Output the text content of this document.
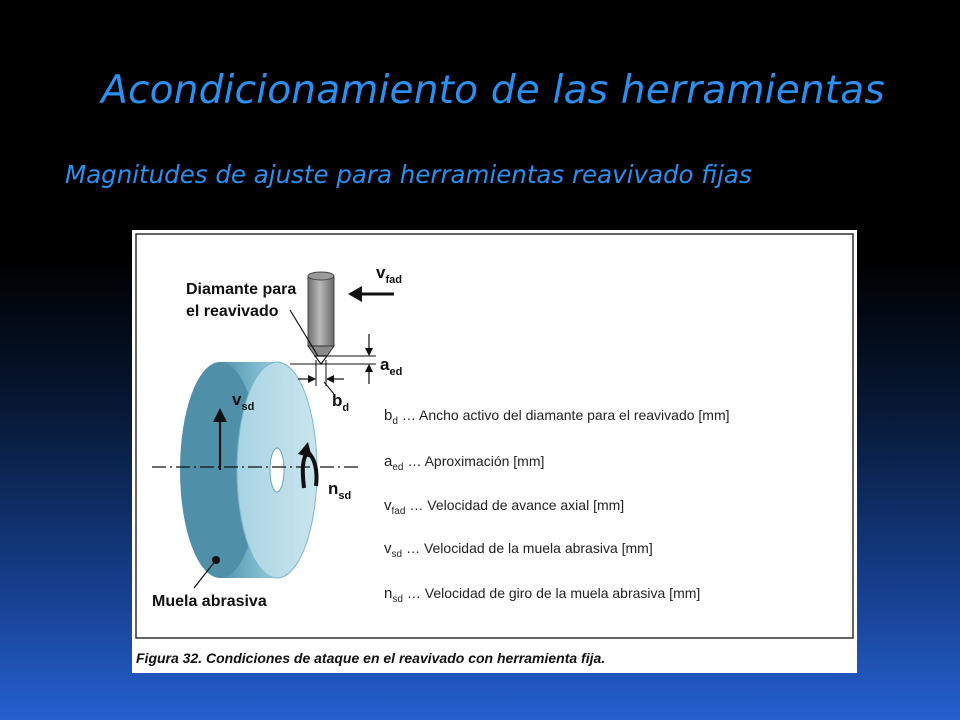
Acondicionamiento de las herramientas
Magnitudes de ajuste para herramientas reavivado fijas
$v_{sd}$
$n_{sd}$
Diamante para
el reavivado
$v_{fad}$
$a_{ed}$
$b_d$
Muela abrasiva
$b_d$ … Ancho activo del diamante para el reavivado [mm]
$a_{ed}$ … Aproximación [mm]
$v_{fad}$ … Velocidad de avance axial [mm]
$v_{sd}$ … Velocidad de la muela abrasiva [mm]
$n_{sd}$ … Velocidad de giro de la muela abrasiva [mm]
Figura 32. Condiciones de ataque en el reavivado con herramienta fija.
